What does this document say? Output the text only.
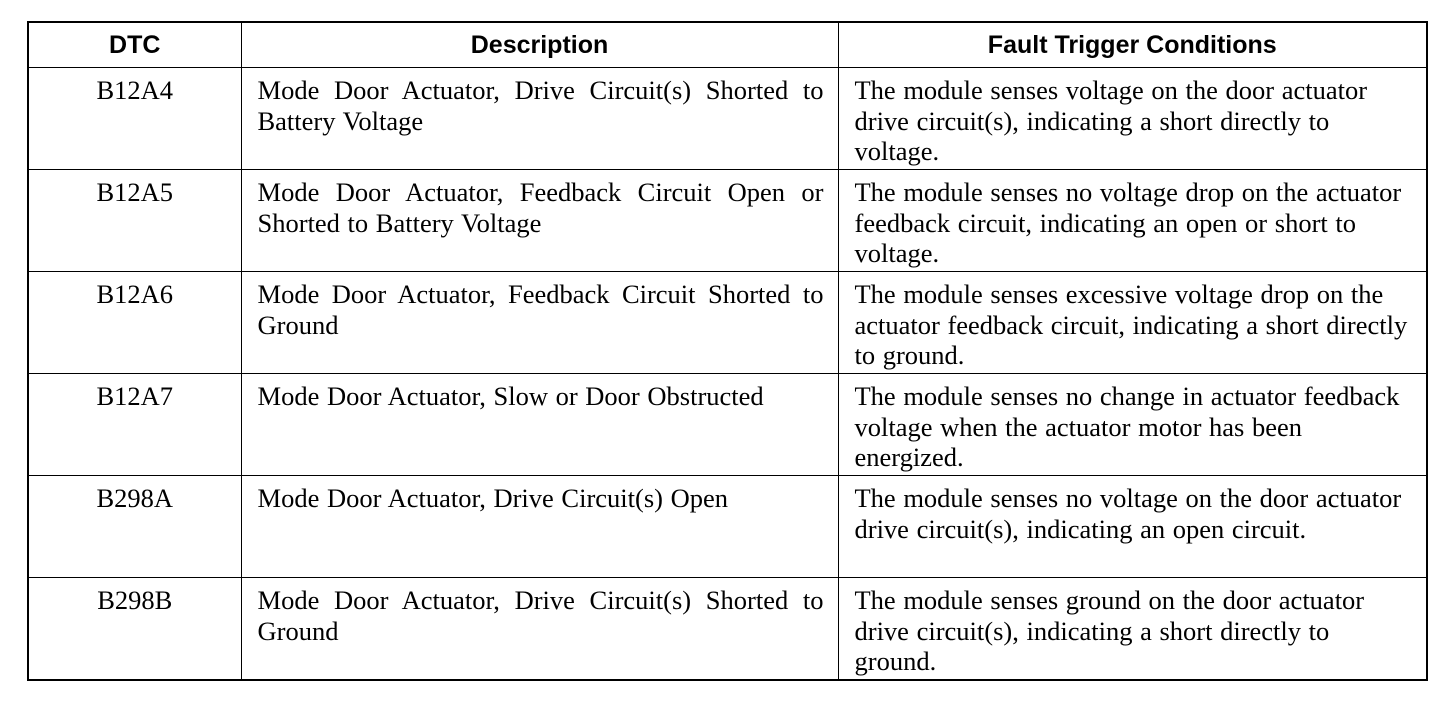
DTC	Description	Fault Trigger Conditions
B12A4	Mode Door Actuator, Drive Circuit(s) Shorted to Battery Voltage	The module senses voltage on the door actuator drive circuit(s), indicating a short directly to voltage.
B12A5	Mode Door Actuator, Feedback Circuit Open or Shorted to Battery Voltage	The module senses no voltage drop on the actuator feedback circuit, indicating an open or short to voltage.
B12A6	Mode Door Actuator, Feedback Circuit Shorted to Ground	The module senses excessive voltage drop on the actuator feedback circuit, indicating a short directly to ground.
B12A7	Mode Door Actuator, Slow or Door Obstructed	The module senses no change in actuator feedback voltage when the actuator motor has been energized.
B298A	Mode Door Actuator, Drive Circuit(s) Open	The module senses no voltage on the door actuator drive circuit(s), indicating an open circuit.
B298B	Mode Door Actuator, Drive Circuit(s) Shorted to Ground	The module senses ground on the door actuator drive circuit(s), indicating a short directly to ground.
